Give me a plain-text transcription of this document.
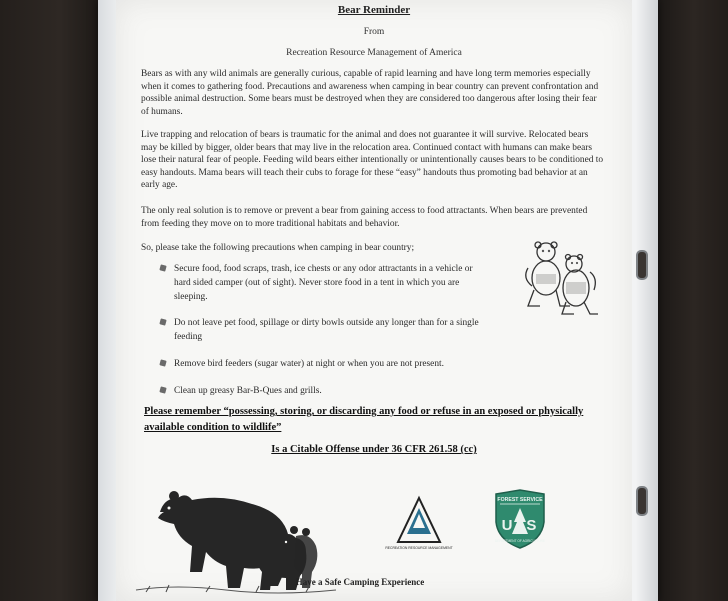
Bear Reminder
From
Recreation Resource Management of America

Bears as with any wild animals are generally curious, capable of rapid learning and have long term memories especially when it comes to gathering food. Precautions and awareness when camping in bear country can prevent confrontation and possible animal destruction. Some bears must be destroyed when they are considered too dangerous after losing their fear of humans.

Live trapping and relocation of bears is traumatic for the animal and does not guarantee it will survive. Relocated bears may be killed by bigger, older bears that may live in the relocation area. Continued contact with humans can make bears lose their natural fear of people. Feeding wild bears either intentionally or unintentionally causes bears to be conditioned to easy handouts. Mama bears will teach their cubs to forage for these “easy” handouts thus promoting bad behavior at an early age.

The only real solution is to remove or prevent a bear from gaining access to food attractants. When bears are prevented from feeding they move on to more traditional habitats and behavior.

So, please take the following precautions when camping in bear country;

Secure food, food scraps, trash, ice chests or any odor attractants in a vehicle or hard sided camper (out of sight). Never store food in a tent in which you are sleeping.
Do not leave pet food, spillage or dirty bowls outside any longer than for a single feeding
Remove bird feeders (sugar water) at night or when you are not present.
Clean up greasy Bar-B-Ques and grills.
Please remember “possessing, storing, or discarding any food or refuse in an exposed or physically available condition to wildlife”
Is a Citable Offense under 36 CFR 261.58 (cc)
RECREATION RESOURCE MANAGEMENT
FOREST SERVICE
US
DEPARTMENT OF AGRICULTURE
Have a Safe Camping Experience
